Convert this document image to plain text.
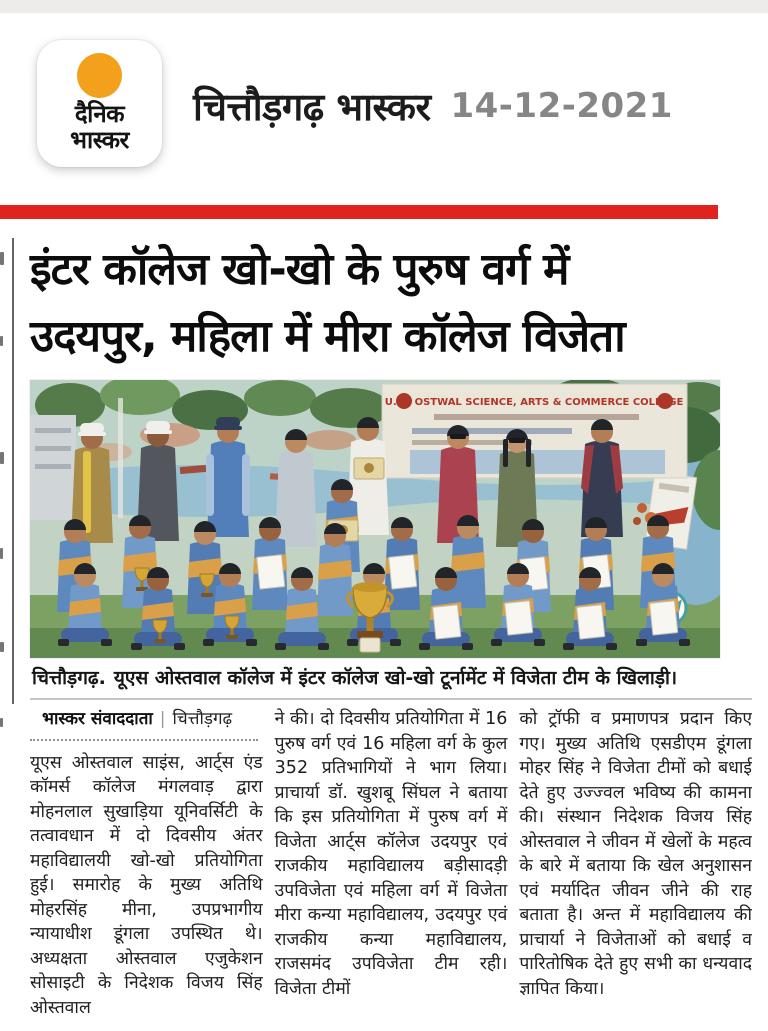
दैनिक
भास्कर
चित्तौड़गढ़ भास्कर 14-12-2021
इंटर कॉलेज खो-खो के पुरुष वर्ग में
उदयपुर, महिला में मीरा कॉलेज विजेता
U. S. OSTWAL SCIENCE, ARTS & COMMERCE COLLEGE
चित्तौड़गढ़. यूएस ओस्तवाल कॉलेज में इंटर कॉलेज खो-खो टूर्नामेंट में विजेता टीम के खिलाड़ी।
भास्कर संवाददाता | चित्तौड़गढ़
यूएस ओस्तवाल साइंस, आर्ट्स एंड कॉमर्स कॉलेज मंगलवाड़ द्वारा मोहनलाल सुखाड़िया यूनिवर्सिटी के तत्वावधान में दो दिवसीय अंतर महाविद्यालयी खो-खो प्रतियोगिता हुई। समारोह के मुख्य अतिथि मोहरसिंह मीना, उपप्रभागीय न्यायाधीश डूंगला उपस्थित थे। अध्यक्षता ओस्तवाल एजुकेशन सोसाइटी के निदेशक विजय सिंह ओस्तवाल
ने की। दो दिवसीय प्रतियोगिता में 16 पुरुष वर्ग एवं 16 महिला वर्ग के कुल 352 प्रतिभागियों ने भाग लिया। प्राचार्या डॉ. खुशबू सिंघल ने बताया कि इस प्रतियोगिता में पुरुष वर्ग में विजेता आर्ट्स कॉलेज उदयपुर एवं राजकीय महाविद्यालय बड़ीसादड़ी उपविजेता एवं महिला वर्ग में विजेता मीरा कन्या महाविद्यालय, उदयपुर एवं राजकीय कन्या महाविद्यालय, राजसमंद उपविजेता टीम रही। विजेता टीमों
को ट्रॉफी व प्रमाणपत्र प्रदान किए गए। मुख्य अतिथि एसडीएम डूंगला मोहर सिंह ने विजेता टीमों को बधाई देते हुए उज्ज्वल भविष्य की कामना की। संस्थान निदेशक विजय सिंह ओस्तवाल ने जीवन में खेलों के महत्व के बारे में बताया कि खेल अनुशासन एवं मर्यादित जीवन जीने की राह बताता है। अन्त में महाविद्यालय की प्राचार्या ने विजेताओं को बधाई व पारितोषिक देते हुए सभी का धन्यवाद ज्ञापित किया।
